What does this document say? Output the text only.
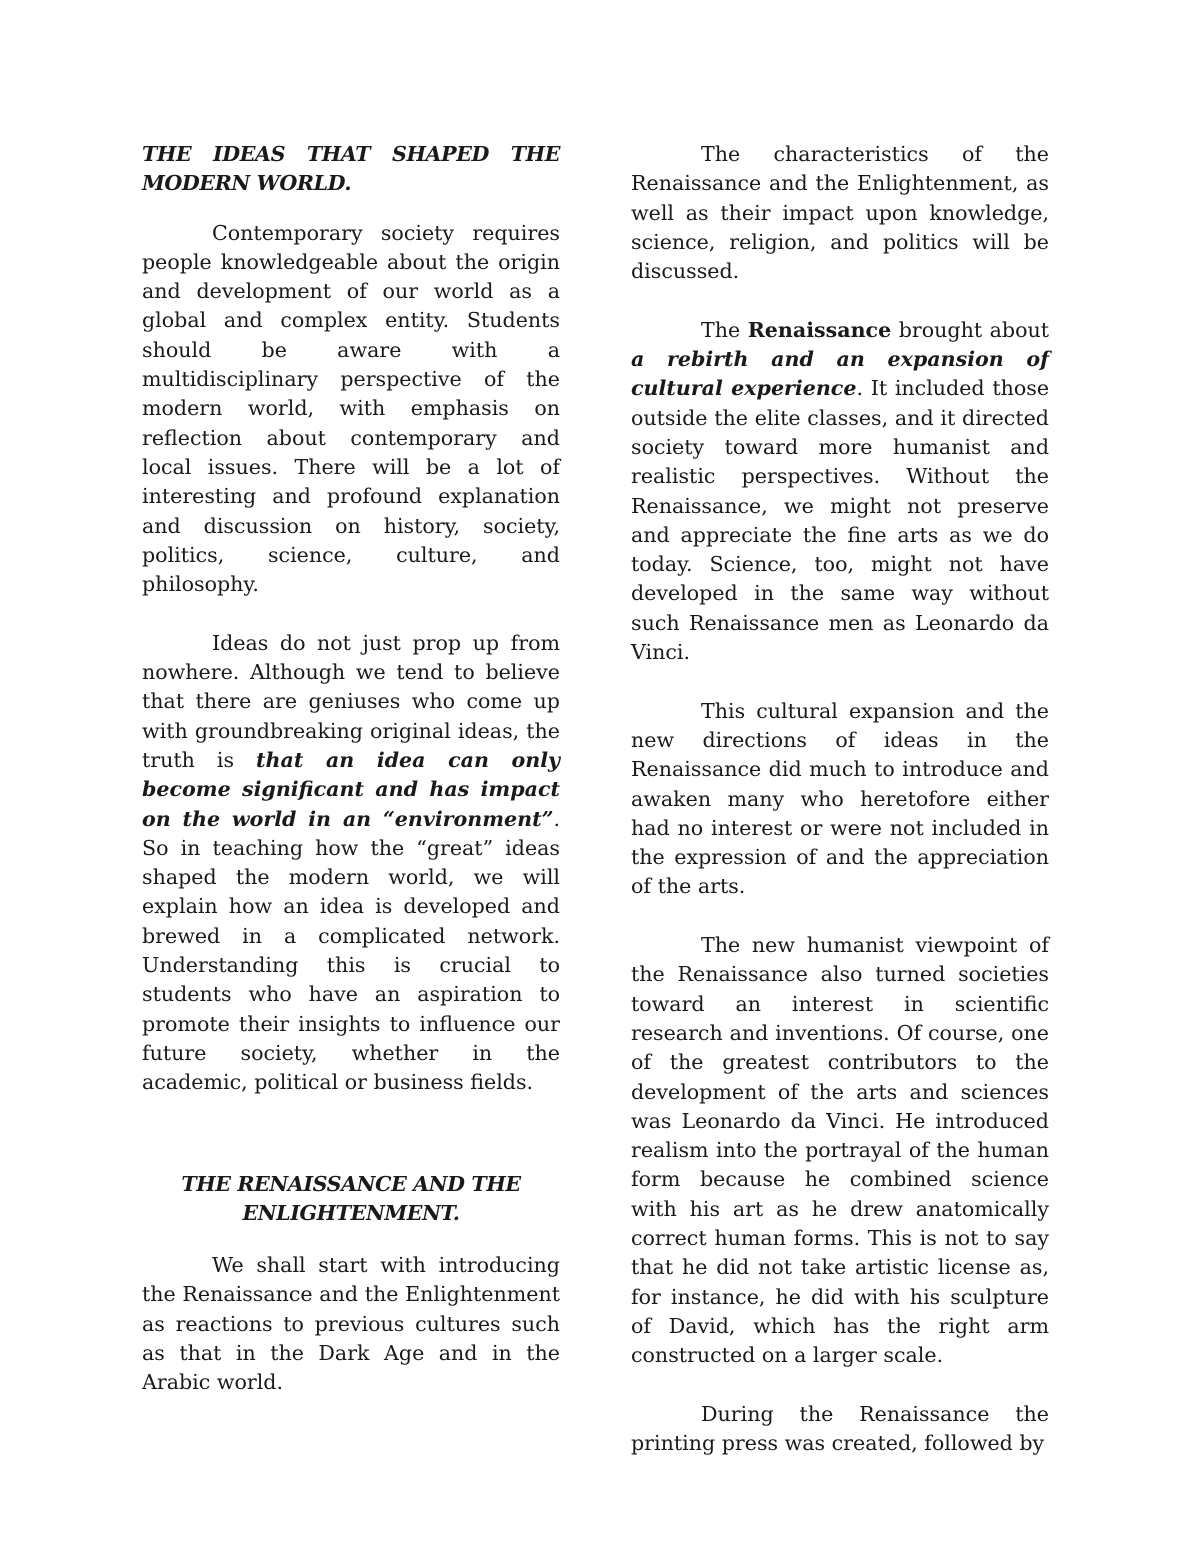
THE IDEAS THAT SHAPED THE MODERN WORLD.

Contemporary society requires people knowledgeable about the origin and development of our world as a global and complex entity. Students should be aware with a multidisciplinary perspective of the modern world, with emphasis on reflection about contemporary and local issues. There will be a lot of interesting and profound explanation and discussion on history, society, politics, science, culture, and philosophy.

Ideas do not just prop up from nowhere. Although we tend to believe that there are geniuses who come up with groundbreaking original ideas, the truth is that an idea can only become significant and has impact on the world in an “environment”. So in teaching how the “great” ideas shaped the modern world, we will explain how an idea is developed and brewed in a complicated network. Understanding this is crucial to students who have an aspiration to promote their insights to influence our future society, whether in the academic, political or business fields.

THE RENAISSANCE AND THE ENLIGHTENMENT.

We shall start with introducing the Renaissance and the Enlightenment as reactions to previous cultures such as that in the Dark Age and in the Arabic world.

The characteristics of the Renaissance and the Enlightenment, as well as their impact upon knowledge, science, religion, and politics will be discussed.

The Renaissance brought about a rebirth and an expansion of cultural experience. It included those outside the elite classes, and it directed society toward more humanist and realistic perspectives. Without the Renaissance, we might not preserve and appreciate the fine arts as we do today. Science, too, might not have developed in the same way without such Renaissance men as Leonardo da Vinci.

This cultural expansion and the new directions of ideas in the Renaissance did much to introduce and awaken many who heretofore either had no interest or were not included in the expression of and the appreciation of the arts.

The new humanist viewpoint of the Renaissance also turned societies toward an interest in scientific research and inventions. Of course, one of the greatest contributors to the development of the arts and sciences was Leonardo da Vinci. He introduced realism into the portrayal of the human form because he combined science with his art as he drew anatomically correct human forms. This is not to say that he did not take artistic license as, for instance, he did with his sculpture of David, which has the right arm constructed on a larger scale.

During the Renaissance the printing press was created, followed by
